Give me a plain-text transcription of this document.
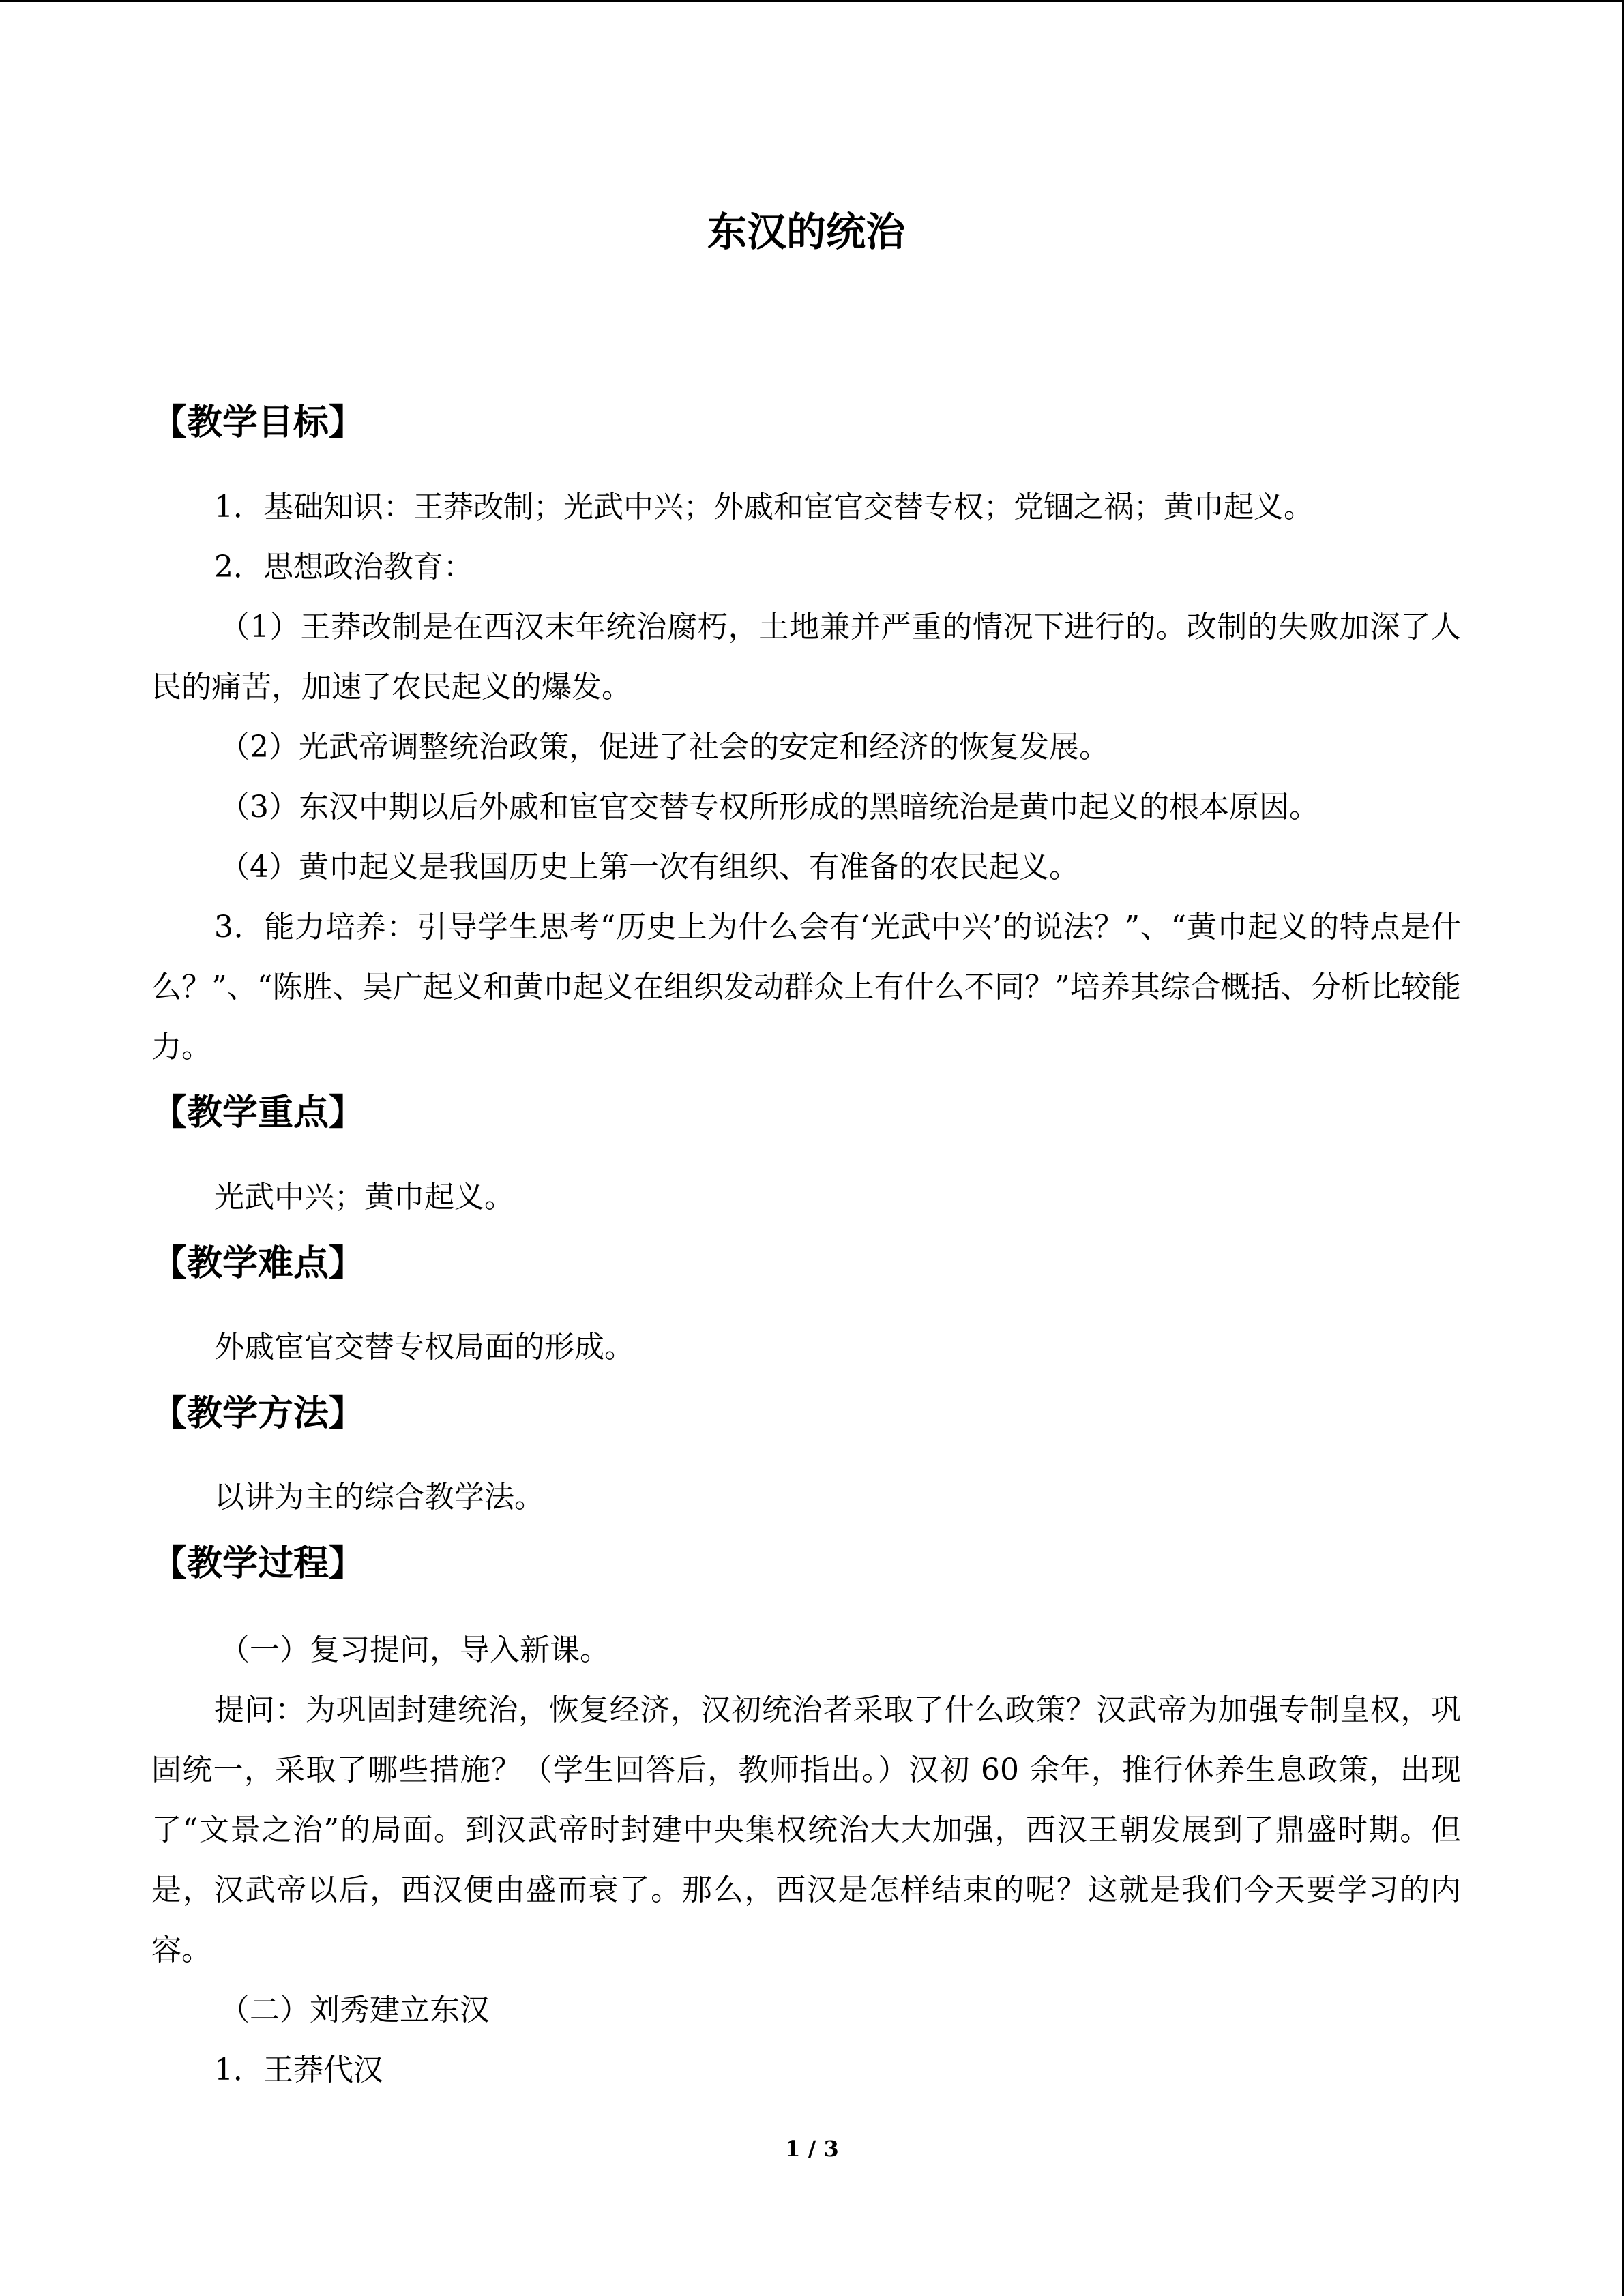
东汉的统治
【教学目标】

1．基础知识：王莽改制；光武中兴；外戚和宦官交替专权；党锢之祸；黄巾起义。

2．思想政治教育：

（1）王莽改制是在西汉末年统治腐朽，土地兼并严重的情况下进行的。改制的失败加深了人民的痛苦，加速了农民起义的爆发。

（2）光武帝调整统治政策，促进了社会的安定和经济的恢复发展。

（3）东汉中期以后外戚和宦官交替专权所形成的黑暗统治是黄巾起义的根本原因。

（4）黄巾起义是我国历史上第一次有组织、有准备的农民起义。

3．能力培养：引导学生思考“历史上为什么会有‘光武中兴’的说法？”、“黄巾起义的特点是什么？”、“陈胜、吴广起义和黄巾起义在组织发动群众上有什么不同？”培养其综合概括、分析比较能力。

【教学重点】

光武中兴；黄巾起义。

【教学难点】

外戚宦官交替专权局面的形成。

【教学方法】

以讲为主的综合教学法。

【教学过程】

（一）复习提问，导入新课。

提问：为巩固封建统治，恢复经济，汉初统治者采取了什么政策？汉武帝为加强专制皇权，巩固统一，采取了哪些措施？（学生回答后，教师指出。）汉初 60 余年，推行休养生息政策，出现了“文景之治”的局面。到汉武帝时封建中央集权统治大大加强，西汉王朝发展到了鼎盛时期。但是，汉武帝以后，西汉便由盛而衰了。那么，西汉是怎样结束的呢？这就是我们今天要学习的内容。

（二）刘秀建立东汉

1．王莽代汉

1 / 3
